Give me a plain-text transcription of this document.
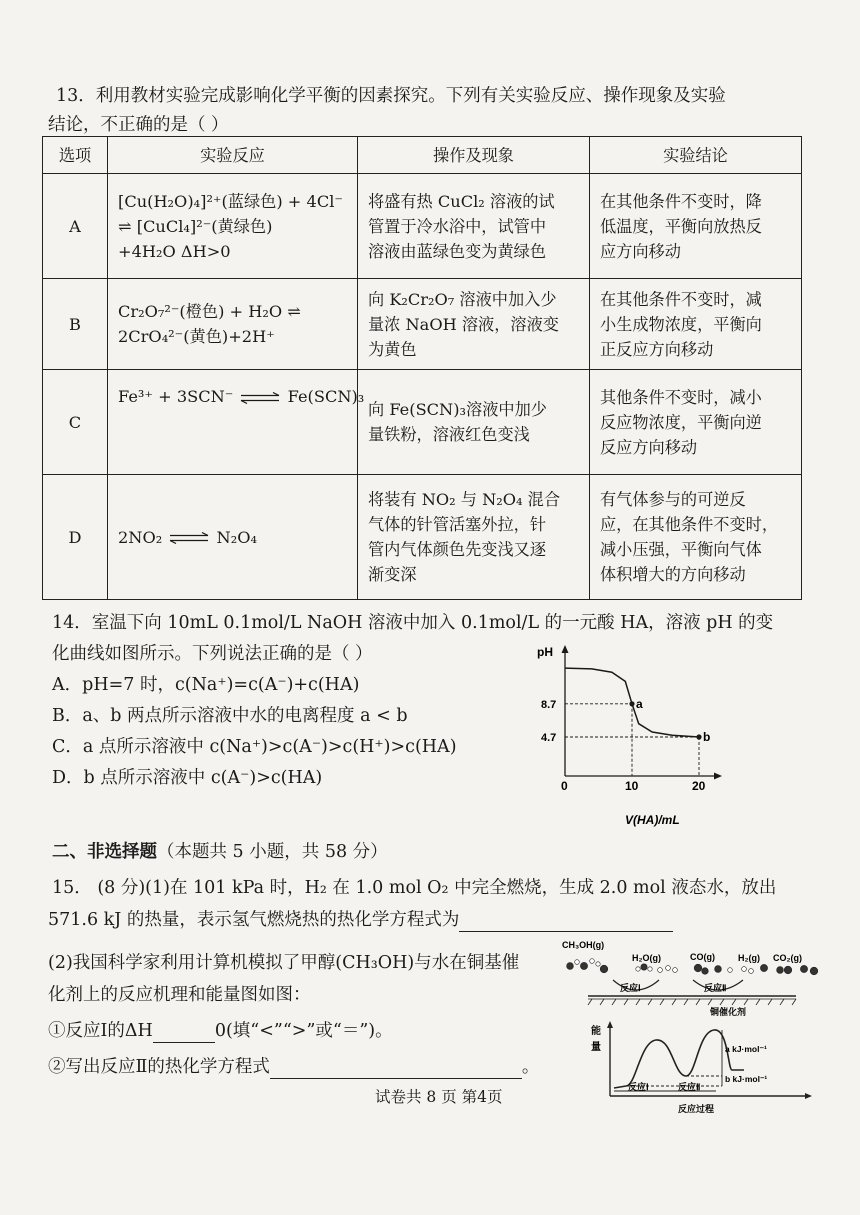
13．利用教材实验完成影响化学平衡的因素探究。下列有关实验反应、操作现象及实验
结论，不正确的是（ ）
选项	实验反应	操作及现象	实验结论
A	[Cu(H₂O)₄]²⁺(蓝绿色) + 4Cl⁻
⇌ [CuCl₄]²⁻(黄绿色)
+4H₂O ΔH>0	将盛有热 CuCl₂ 溶液的试
管置于冷水浴中，试管中
溶液由蓝绿色变为黄绿色	在其他条件不变时，降
低温度，平衡向放热反
应方向移动

B	Cr₂O₇²⁻(橙色) + H₂O ⇌
2CrO₄²⁻(黄色)+2H⁺	向 K₂Cr₂O₇ 溶液中加入少
量浓 NaOH 溶液，溶液变
为黄色	在其他条件不变时，减
小生成物浓度，平衡向
正反应方向移动

C	Fe³⁺ + 3SCN⁻ ⇌ Fe(SCN)₃	向 Fe(SCN)₃溶液中加少
量铁粉，溶液红色变浅	其他条件不变时，减小
反应物浓度，平衡向逆
反应方向移动

D	2NO₂ ⇌ N₂O₄	将装有 NO₂ 与 N₂O₄ 混合
气体的针管活塞外拉，针
管内气体颜色先变浅又逐
渐变深	有气体参与的可逆反
应，在其他条件不变时，
减小压强，平衡向气体
体积增大的方向移动
14．室温下向 10mL 0.1mol/L NaOH 溶液中加入 0.1mol/L 的一元酸 HA，溶液 pH 的变
化曲线如图所示。下列说法正确的是（ ）
A．pH=7 时，c(Na⁺)=c(A⁻)+c(HA)
B．a、b 两点所示溶液中水的电离程度 a < b
C．a 点所示溶液中 c(Na⁺)>c(A⁻)>c(H⁺)>c(HA)
D．b 点所示溶液中 c(A⁻)>c(HA)
pH
0
a
8.7
10
b
4.7
20
V(HA)/mL
二、非选择题（本题共 5 小题，共 58 分）
15． (8 分)(1)在 101 kPa 时，H₂ 在 1.0 mol O₂ 中完全燃烧，生成 2.0 mol 液态水，放出
571.6 kJ 的热量，表示氢气燃烧热的热化学方程式为
(2)我国科学家利用计算机模拟了甲醇(CH₃OH)与水在铜基催
化剂上的反应机理和能量图如图：
①反应Ⅰ的ΔH	0(填“<”“>”或“＝”)。
②写出反应Ⅱ的热化学方程式	。
CH₃OH(g)
H₂O(g)	CO(g)	H₂(g) CO₂(g)
反应Ⅰ	反应Ⅱ
铜催化剂
能
量	a kJ·mol⁻¹
b kJ·mol⁻¹
反应Ⅰ	反应Ⅱ
反应过程
试卷共 8 页 第4页
